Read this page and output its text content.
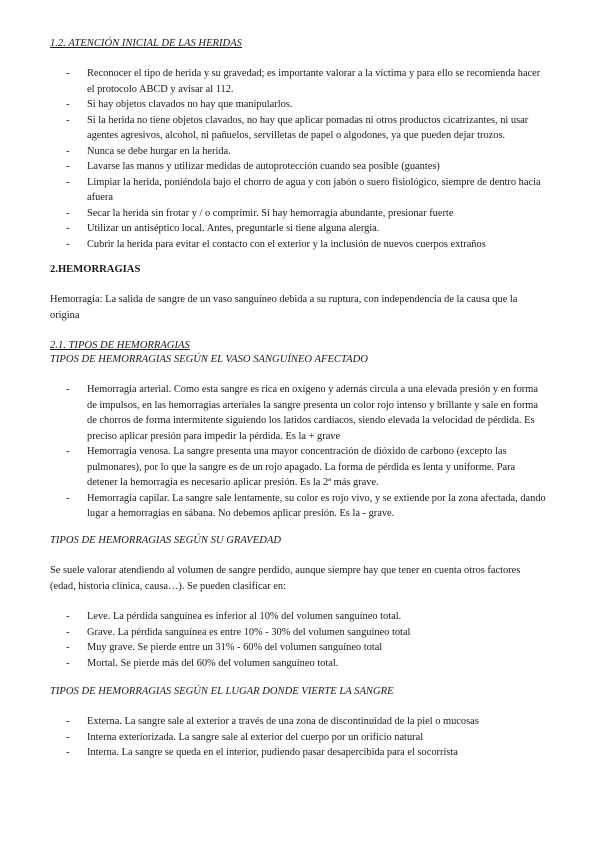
1.2. ATENCIÓN INICIAL DE LAS HERIDAS
- Reconocer el tipo de herida y su gravedad; es importante valorar a la víctima y para ello se recomienda hacer el protocolo ABCD y avisar al 112.
- Si hay objetos clavados no hay que manipularlos.
- Si la herida no tiene objetos clavados, no hay que aplicar pomadas ni otros productos cicatrizantes, ni usar agentes agresivos, alcohol, ni pañuelos, servilletas de papel o algodones, ya que pueden dejar trozos.
- Nunca se debe hurgar en la herida.
- Lavarse las manos y utilizar medidas de autoprotección cuando sea posible (guantes)
- Limpiar la herida, poniéndola bajo el chorro de agua y con jabón o suero fisiológico, siempre de dentro hacia afuera
- Secar la herida sin frotar y / o comprimir. Si hay hemorragia abundante, presionar fuerte
- Utilizar un antiséptico local. Antes, preguntarle si tiene alguna alergia.
- Cubrir la herida para evitar el contacto con el exterior y la inclusión de nuevos cuerpos extraños
2.HEMORRAGIAS
Hemorragia: La salida de sangre de un vaso sanguíneo debida a su ruptura, con independencia de la causa que la origina
2.1. TIPOS DE HEMORRAGIAS
TIPOS DE HEMORRAGIAS SEGÚN EL VASO SANGUÍNEO AFECTADO
- Hemorragia arterial. Como esta sangre es rica en oxígeno y además circula a una elevada presión y en forma de impulsos, en las hemorragias arteriales la sangre presenta un color rojo intenso y brillante y sale en forma de chorros de forma intermitente siguiendo los latidos cardíacos, siendo elevada la velocidad de pérdida. Es preciso aplicar presión para impedir la pérdida. Es la + grave
- Hemorragia venosa. La sangre presenta una mayor concentración de dióxido de carbono (excepto las pulmonares), por lo que la sangre es de un rojo apagado. La forma de pérdida es lenta y uniforme. Para detener la hemorragia es necesario aplicar presión. Es la 2ª más grave.
- Hemorragia capilar. La sangre sale lentamente, su color es rojo vivo, y se extiende por la zona afectada, dando lugar a hemorragias en sábana. No debemos aplicar presión. Es la - grave.
TIPOS DE HEMORRAGIAS SEGÚN SU GRAVEDAD
Se suele valorar atendiendo al volumen de sangre perdido, aunque siempre hay que tener en cuenta otros factores (edad, historia clínica, causa…). Se pueden clasificar en:
- Leve. La pérdida sanguínea es inferior al 10% del volumen sanguíneo total.
- Grave. La pérdida sanguínea es entre 10% - 30% del volumen sanguíneo total
- Muy grave. Se pierde entre un 31% - 60% del volumen sanguíneo total
- Mortal. Se pierde más del 60% del volumen sanguíneo total.
TIPOS DE HEMORRAGIAS SEGÚN EL LUGAR DONDE VIERTE LA SANGRE
- Externa. La sangre sale al exterior a través de una zona de discontinuidad de la piel o mucosas
- Interna exteriorizada. La sangre sale al exterior del cuerpo por un orificio natural
- Interna. La sangre se queda en el interior, pudiendo pasar desapercibida para el socorrista
